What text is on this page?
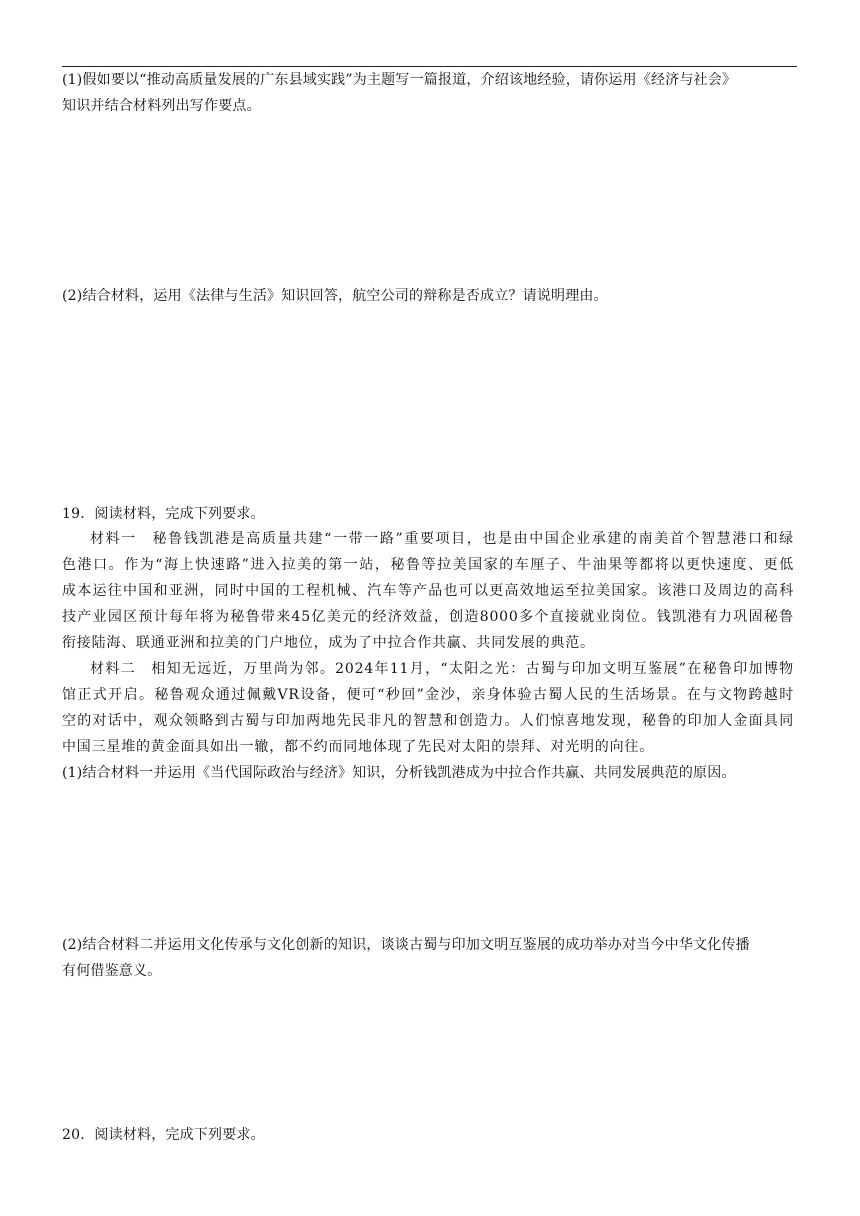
(1)假如要以“推动高质量发展的广东县域实践”为主题写一篇报道，介绍该地经验，请你运用《经济与社会》
知识并结合材料列出写作要点。
(2)结合材料，运用《法律与生活》知识回答，航空公司的辩称是否成立？请说明理由。
19．阅读材料，完成下列要求。
材料一　秘鲁钱凯港是高质量共建“一带一路”重要项目，也是由中国企业承建的南美首个智慧港口和绿
色港口。作为“海上快速路”进入拉美的第一站，秘鲁等拉美国家的车厘子、牛油果等都将以更快速度、更低
成本运往中国和亚洲，同时中国的工程机械、汽车等产品也可以更高效地运至拉美国家。该港口及周边的高科
技产业园区预计每年将为秘鲁带来45亿美元的经济效益，创造8000多个直接就业岗位。钱凯港有力巩固秘鲁
衔接陆海、联通亚洲和拉美的门户地位，成为了中拉合作共赢、共同发展的典范。
材料二　相知无远近，万里尚为邻。2024年11月，“太阳之光：古蜀与印加文明互鉴展”在秘鲁印加博物
馆正式开启。秘鲁观众通过佩戴VR设备，便可“秒回”金沙，亲身体验古蜀人民的生活场景。在与文物跨越时
空的对话中，观众领略到古蜀与印加两地先民非凡的智慧和创造力。人们惊喜地发现，秘鲁的印加人金面具同
中国三星堆的黄金面具如出一辙，都不约而同地体现了先民对太阳的崇拜、对光明的向往。
(1)结合材料一并运用《当代国际政治与经济》知识，分析钱凯港成为中拉合作共赢、共同发展典范的原因。
(2)结合材料二并运用文化传承与文化创新的知识，谈谈古蜀与印加文明互鉴展的成功举办对当今中华文化传播
有何借鉴意义。
20．阅读材料，完成下列要求。
